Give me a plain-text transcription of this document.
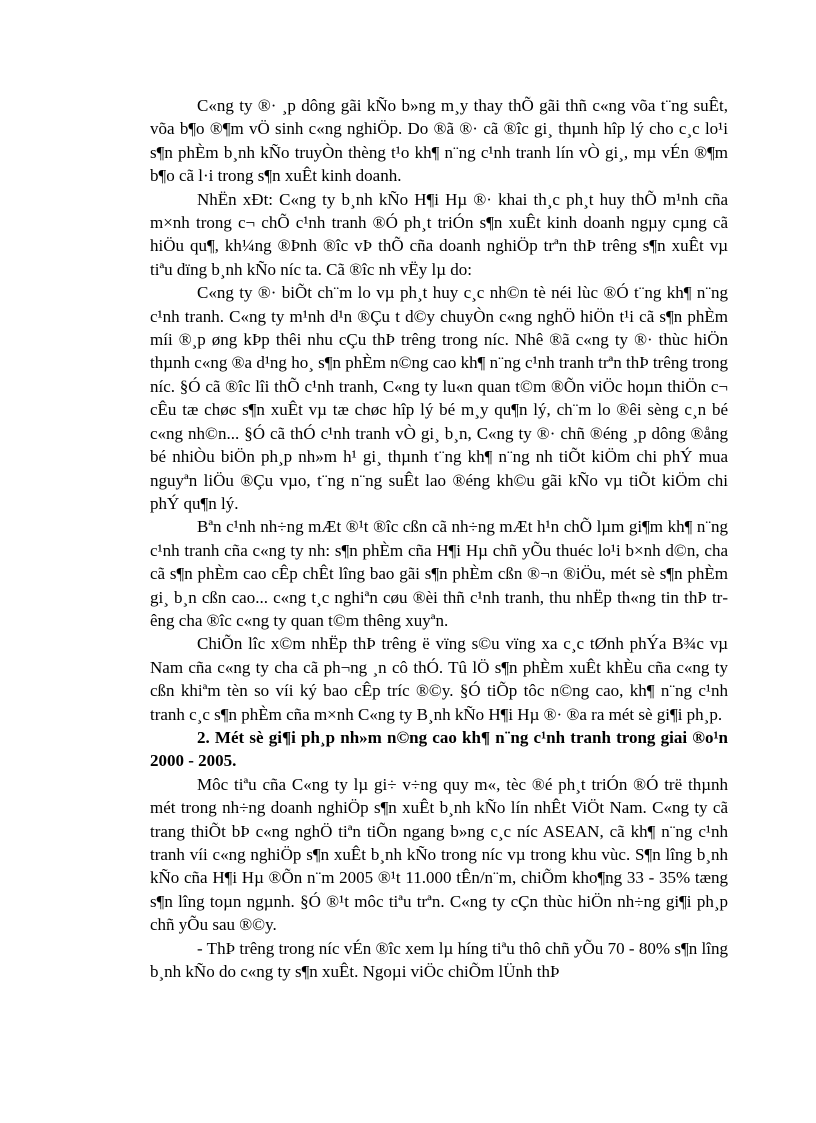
C«ng ty ®· ¸p dông gãi kÑo b»ng m¸y thay thÕ gãi thñ c«ng võa t¨ng suÊt, võa b¶o ®¶m vÖ sinh c«ng nghiÖp. Do ®ã ®· cã ®îc gi¸ thµnh hîp lý cho c¸c lo¹i s¶n phÈm b¸nh kÑo truyÒn thèng t¹o kh¶ n¨ng c¹nh tranh lín vÒ gi¸, mµ vÉn ®¶m b¶o cã l·i trong s¶n xuÊt kinh doanh.

NhËn xÐt: C«ng ty b¸nh kÑo H¶i Hµ ®· khai th¸c ph¸t huy thÕ m¹nh cña m×nh trong c¬ chÕ c¹nh tranh ®Ó ph¸t triÓn s¶n xuÊt kinh doanh ngµy cµng cã hiÖu qu¶, kh¼ng ®Þnh ®îc vÞ thÕ cña doanh nghiÖp trªn thÞ trêng s¶n xuÊt vµ tiªu dïng b¸nh kÑo níc ta. Cã ®îc nh vËy lµ do:

C«ng ty ®· biÕt ch¨m lo vµ ph¸t huy c¸c nh©n tè néi lùc ®Ó t¨ng kh¶ n¨ng c¹nh tranh. C«ng ty m¹nh d¹n ®Çu t d©y chuyÒn c«ng nghÖ hiÖn t¹i cã s¶n phÈm míi ®¸p øng kÞp thêi nhu cÇu thÞ trêng trong níc. Nhê ®ã c«ng ty ®· thùc hiÖn thµnh c«ng ®a d¹ng ho¸ s¶n phÈm n©ng cao kh¶ n¨ng c¹nh tranh trªn thÞ trêng trong níc. §Ó cã ®îc lîi thÕ c¹nh tranh, C«ng ty lu«n quan t©m ®Õn viÖc hoµn thiÖn c¬ cÊu tæ chøc s¶n xuÊt vµ tæ chøc hîp lý bé m¸y qu¶n lý, ch¨m lo ®êi sèng c¸n bé c«ng nh©n... §Ó cã thÓ c¹nh tranh vÒ gi¸ b¸n, C«ng ty ®· chñ ®éng ¸p dông ®ång bé nhiÒu biÖn ph¸p nh»m h¹ gi¸ thµnh t¨ng kh¶ n¨ng nh tiÕt kiÖm chi phÝ mua nguyªn liÖu ®Çu vµo, t¨ng n¨ng suÊt lao ®éng kh©u gãi kÑo vµ tiÕt kiÖm chi phÝ qu¶n lý.

Bªn c¹nh nh÷ng mÆt ®¹t ®îc cßn cã nh÷ng mÆt h¹n chÕ lµm gi¶m kh¶ n¨ng c¹nh tranh cña c«ng ty nh: s¶n phÈm cña H¶i Hµ chñ yÕu thuéc lo¹i b×nh d©n, cha cã s¶n phÈm cao cÊp chÊt lîng bao gãi s¶n phÈm cßn ®¬n ®iÖu, mét sè s¶n phÈm gi¸ b¸n cßn cao... c«ng t¸c nghiªn cøu ®èi thñ c¹nh tranh, thu nhËp th«ng tin thÞ trêng cha ®îc c«ng ty quan t©m thêng xuyªn.

ChiÕn lîc x©m nhËp thÞ trêng ë vïng s©u vïng xa c¸c tØnh phÝa B¾c vµ Nam cña c«ng ty cha cã ph¬ng ¸n cô thÓ. Tû lÖ s¶n phÈm xuÊt khÈu cña c«ng ty cßn khiªm tèn so víi ký bao cÊp tríc ®©y. §Ó tiÕp tôc n©ng cao, kh¶ n¨ng c¹nh tranh c¸c s¶n phÈm cña m×nh C«ng ty B¸nh kÑo H¶i Hµ ®· ®a ra mét sè gi¶i ph¸p.

2. Mét sè gi¶i ph¸p nh»m n©ng cao kh¶ n¨ng c¹nh tranh trong giai ®o¹n 2000 - 2005.

Môc tiªu cña C«ng ty lµ gi÷ v÷ng quy m«, tèc ®é ph¸t triÓn ®Ó trë thµnh mét trong nh÷ng doanh nghiÖp s¶n xuÊt b¸nh kÑo lín nhÊt ViÖt Nam. C«ng ty cã trang thiÕt bÞ c«ng nghÖ tiªn tiÕn ngang b»ng c¸c níc ASEAN, cã kh¶ n¨ng c¹nh tranh víi c«ng nghiÖp s¶n xuÊt b¸nh kÑo trong níc vµ trong khu vùc. S¶n lîng b¸nh kÑo cña H¶i Hµ ®Õn n¨m 2005 ®¹t 11.000 tÊn/n¨m, chiÕm kho¶ng 33 - 35% tæng s¶n lîng toµn ngµnh. §Ó ®¹t môc tiªu trªn. C«ng ty cÇn thùc hiÖn nh÷ng gi¶i ph¸p chñ yÕu sau ®©y.

- ThÞ trêng trong níc vÉn ®îc xem lµ híng tiªu thô chñ yÕu 70 - 80% s¶n lîng b¸nh kÑo do c«ng ty s¶n xuÊt. Ngoµi viÖc chiÕm lÜnh thÞ
